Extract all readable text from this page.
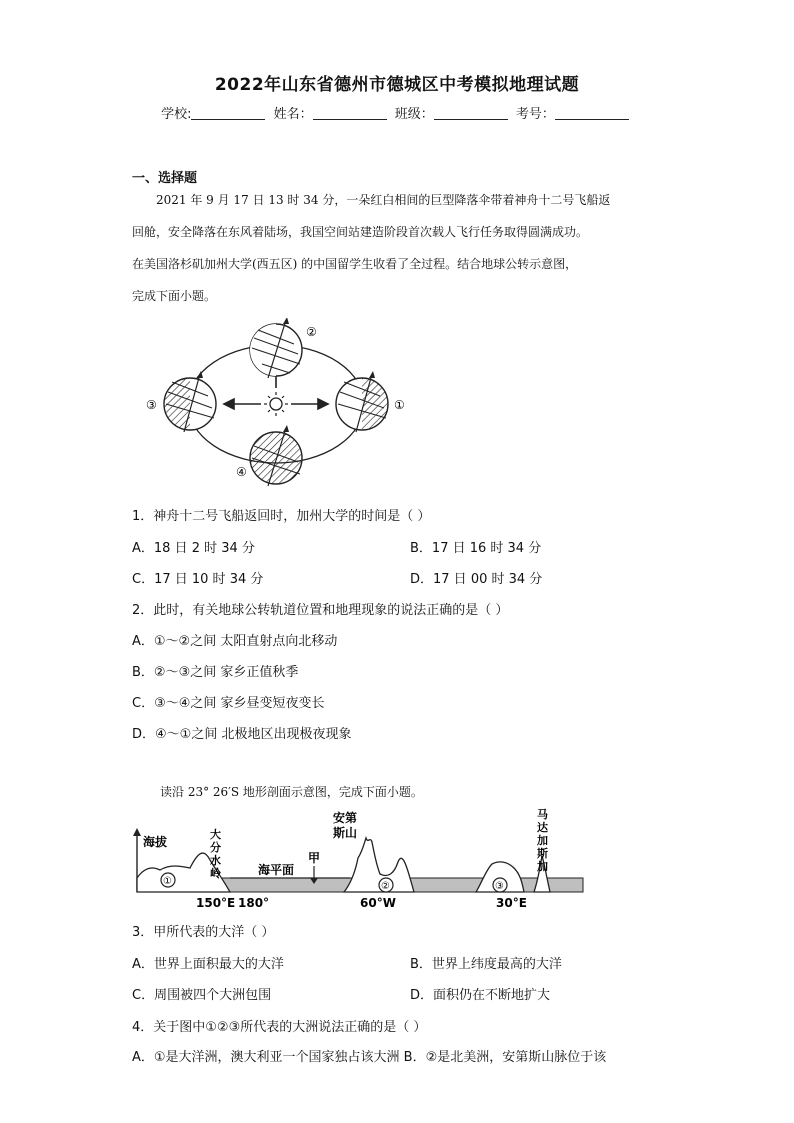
2022年山东省德州市德城区中考模拟地理试题
学校:	姓名：	班级：	考号：
一、选择题
2021 年 9 月 17 日 13 时 34 分，一朵红白相间的巨型降落伞带着神舟十二号飞船返
回舱，安全降落在东风着陆场，我国空间站建造阶段首次载人飞行任务取得圆满成功。
在美国洛杉矶加州大学(西五区) 的中国留学生收看了全过程。结合地球公转示意图，
完成下面小题。
②
③	①
④
1．神舟十二号飞船返回时，加州大学的时间是（ ）
A．18 日 2 时 34 分	B．17 日 16 时 34 分
C．17 日 10 时 34 分	D．17 日 00 时 34 分
2．此时，有关地球公转轨道位置和地理现象的说法正确的是（ ）
A．①～②之间 太阳直射点向北移动
B．②～③之间 家乡正值秋季
C．③～④之间 家乡昼变短夜变长
D．④～①之间 北极地区出现极夜现象
读沿 23° 26′S 地形剖面示意图，完成下面小题。
海拔
①
大分水岭	海平面
甲
②
安第斯山
③
马达加斯加
150°E 180°	60°W	30°E
3．甲所代表的大洋（ ）
A．世界上面积最大的大洋	B．世界上纬度最高的大洋
C．周围被四个大洲包围	D．面积仍在不断地扩大
4．关于图中①②③所代表的大洲说法正确的是（ ）
A．①是大洋洲，澳大利亚一个国家独占该大洲 B．②是北美洲，安第斯山脉位于该
